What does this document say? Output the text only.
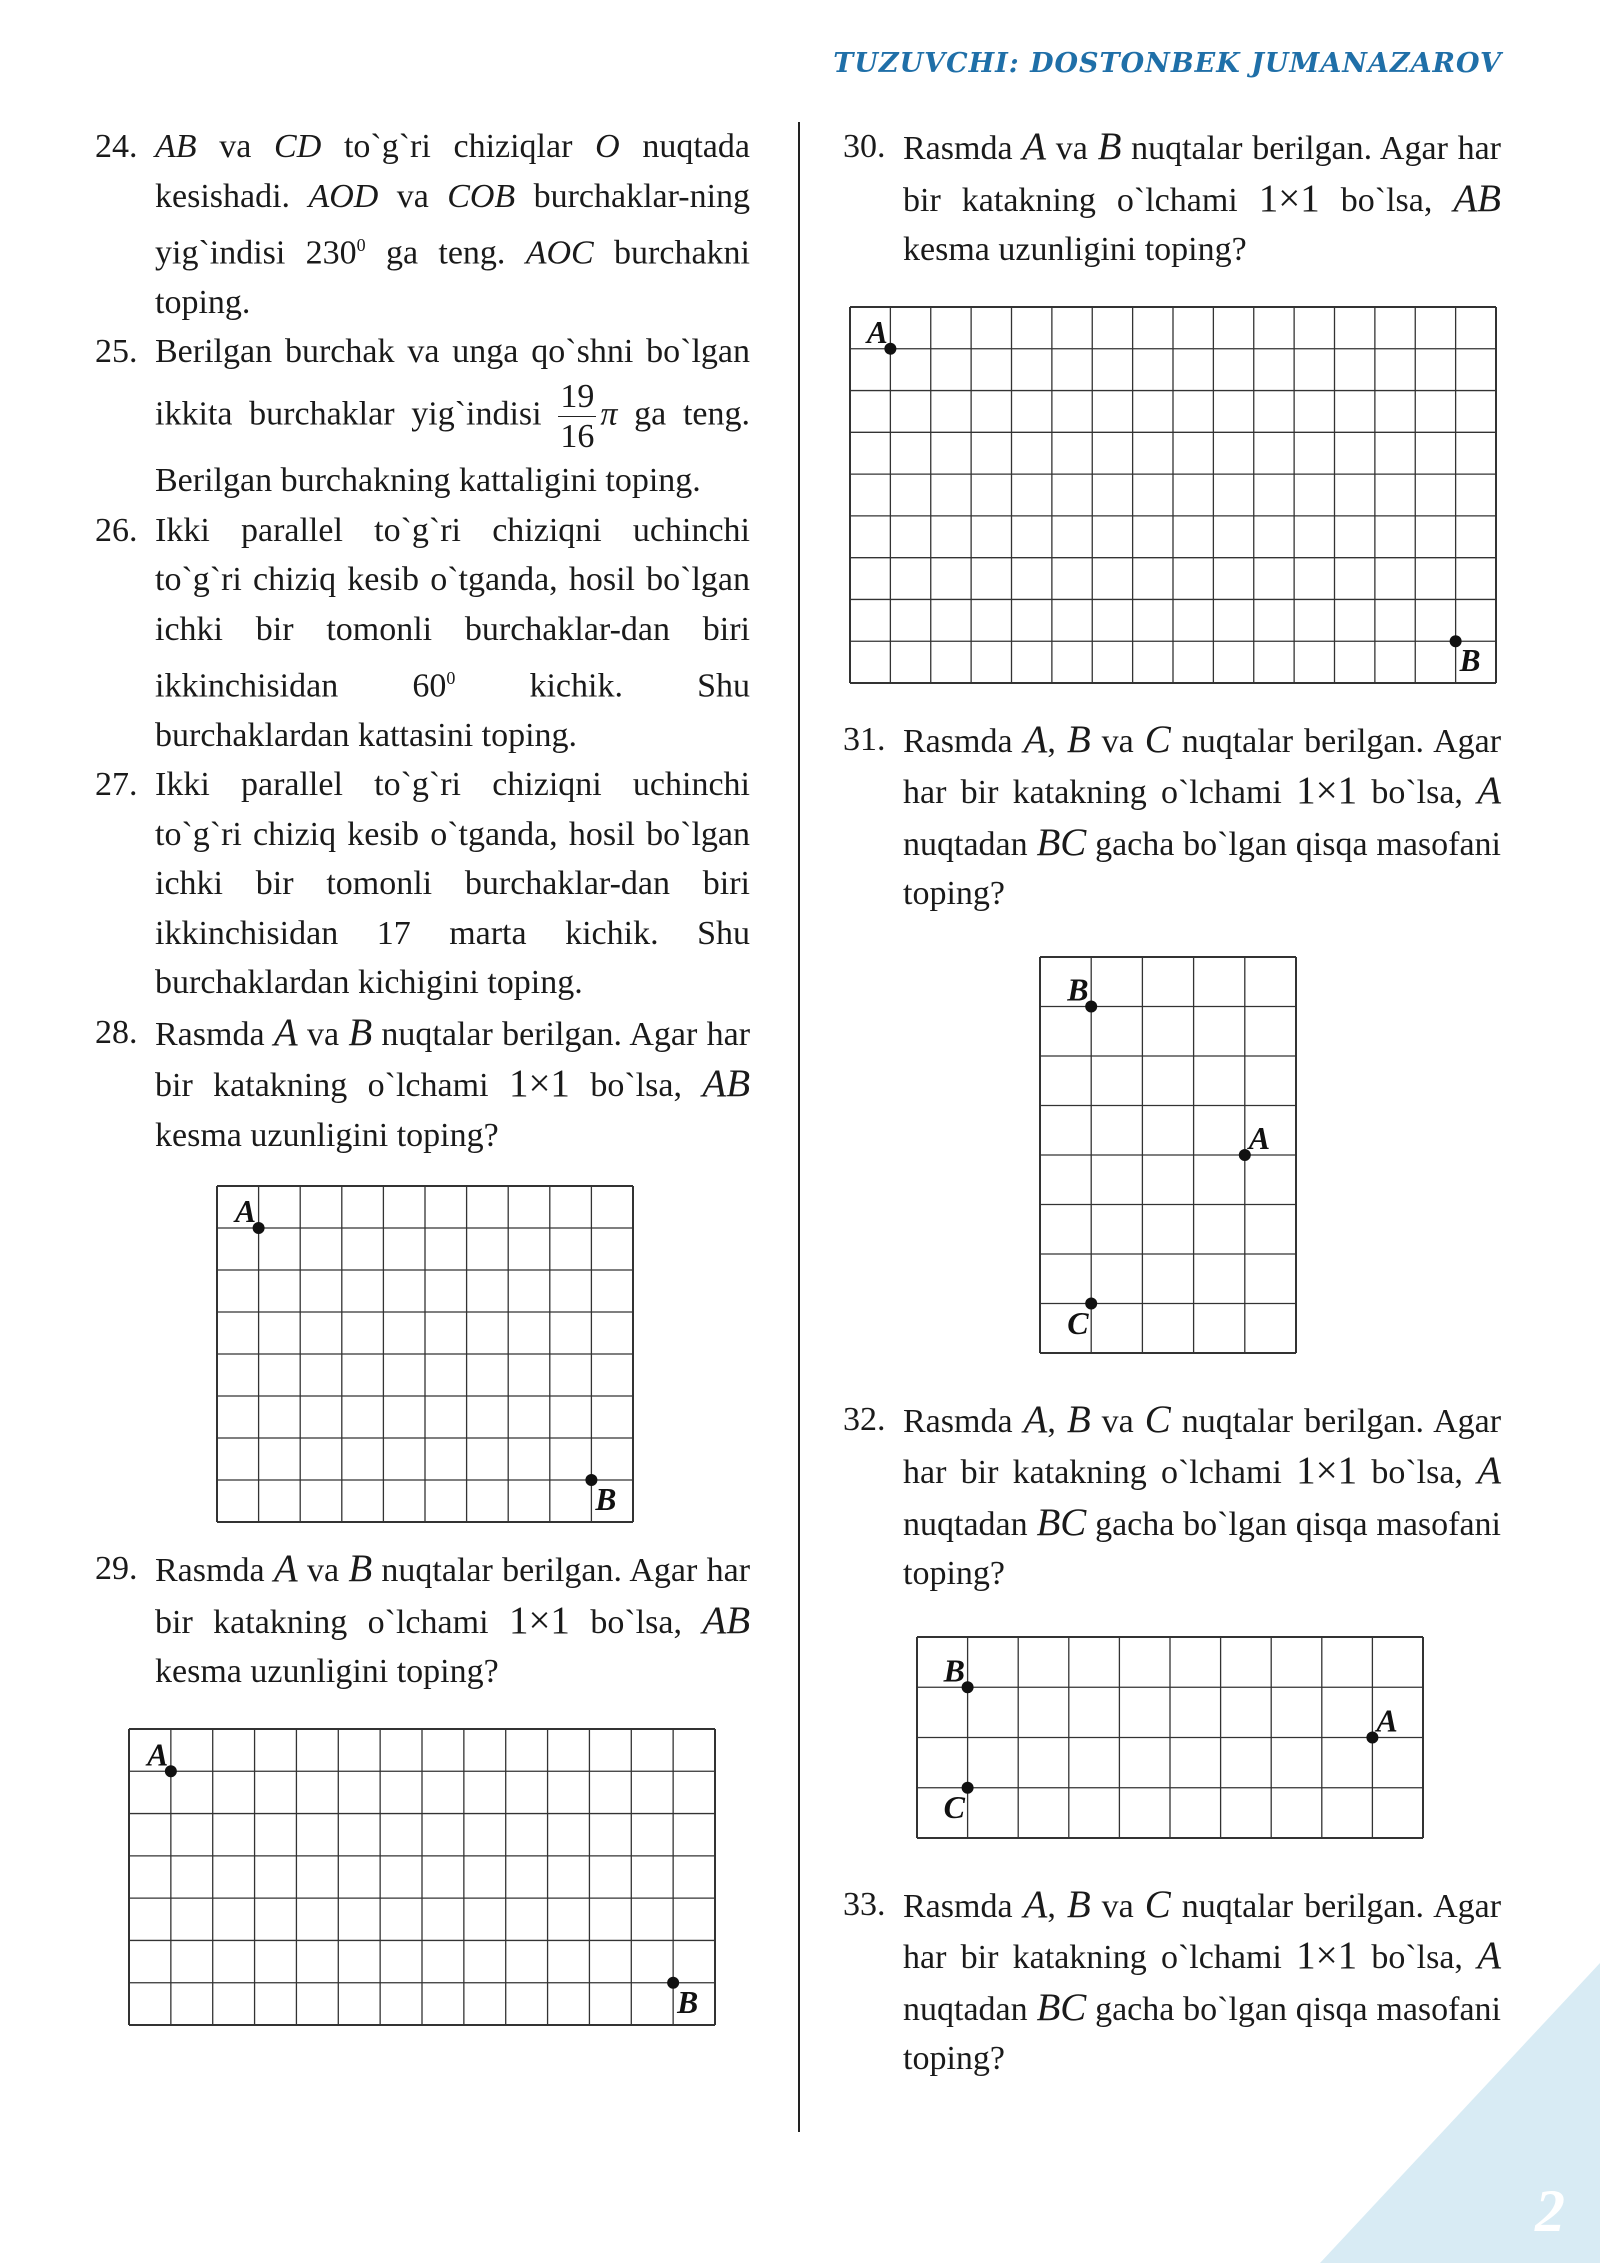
TUZUVCHI: DOSTONBEK JUMANAZAROV
24. AB va CD to`g`ri chiziqlar O nuqtada kesishadi. AOD va COB burchaklar-ning yig`indisi $230^0$ ga teng. AOC burchakni toping.
25. Berilgan burchak va unga qo`shni bo`lgan ikkita burchaklar yig`indisi $\frac{19}{16}$ π ga teng. Berilgan burchakning kattaligini toping.
26. Ikki parallel to`g`ri chiziqni uchinchi to`g`ri chiziq kesib o`tganda, hosil bo`lgan ichki bir tomonli burchaklar-dan biri ikkinchisidan $60^0$ kichik. Shu burchaklardan kattasini toping.
27. Ikki parallel to`g`ri chiziqni uchinchi to`g`ri chiziq kesib o`tganda, hosil bo`lgan ichki bir tomonli burchaklar-dan biri ikkinchisidan 17 marta kichik. Shu burchaklardan kichigini toping.
28. Rasmda A va B nuqtalar berilgan. Agar har bir katakning o`lchami 1×1 bo`lsa, AB kesma uzunligini toping?
A
B
29. Rasmda A va B nuqtalar berilgan. Agar har bir katakning o`lchami 1×1 bo`lsa, AB kesma uzunligini toping?
A
B
30. Rasmda A va B nuqtalar berilgan. Agar har bir katakning o`lchami 1×1 bo`lsa, AB kesma uzunligini toping?
A
B
31. Rasmda A, B va C nuqtalar berilgan. Agar har bir katakning o`lchami 1×1 bo`lsa, A nuqtadan BC gacha bo`lgan qisqa masofani toping?
B
A
C
32. Rasmda A, B va C nuqtalar berilgan. Agar har bir katakning o`lchami 1×1 bo`lsa, A nuqtadan BC gacha bo`lgan qisqa masofani toping?
B
A
C
33. Rasmda A, B va C nuqtalar berilgan. Agar har bir katakning o`lchami 1×1 bo`lsa, A nuqtadan BC gacha bo`lgan qisqa masofani toping?
2
